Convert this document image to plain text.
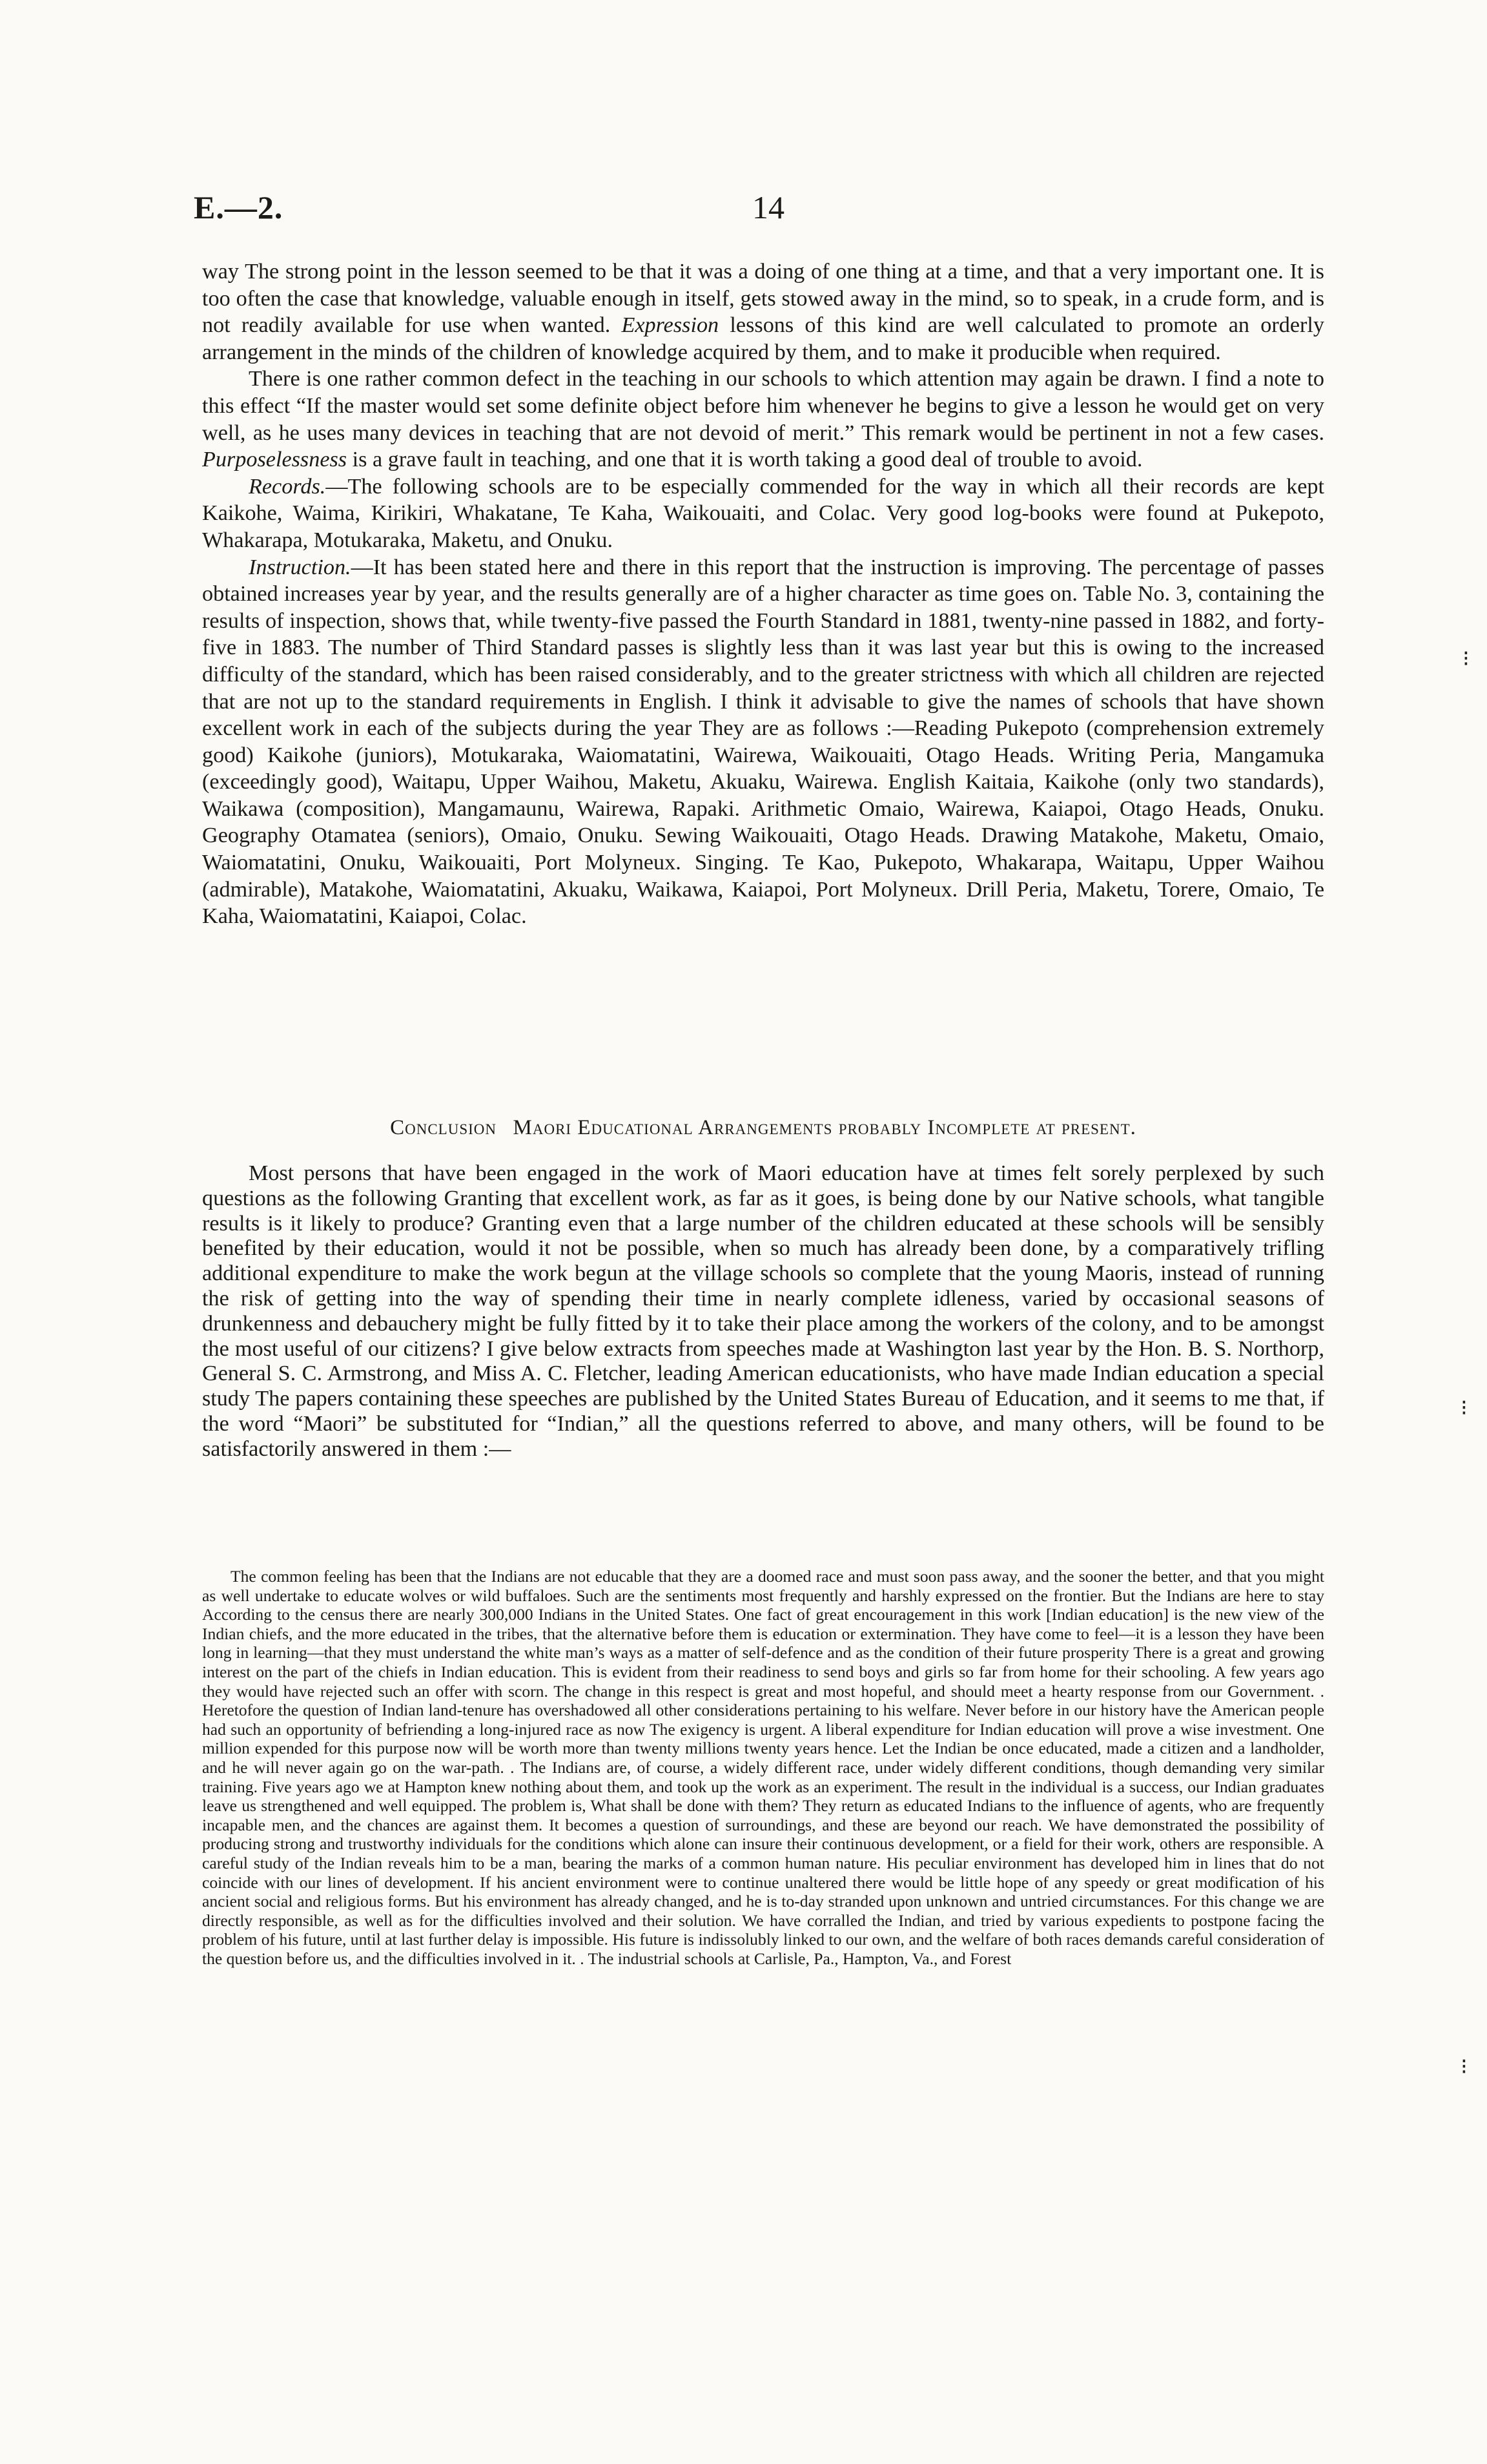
E.—2.	14

way The strong point in the lesson seemed to be that it was a doing of one thing at a time, and that a very important one. It is too often the case that knowledge, valuable enough in itself, gets stowed away in the mind, so to speak, in a crude form, and is not readily available for use when wanted. Expression lessons of this kind are well calculated to promote an orderly arrangement in the minds of the children of knowledge acquired by them, and to make it producible when required.

There is one rather common defect in the teaching in our schools to which attention may again be drawn. I find a note to this effect “If the master would set some definite object before him whenever he begins to give a lesson he would get on very well, as he uses many devices in teaching that are not devoid of merit.” This remark would be pertinent in not a few cases. Purposelessness is a grave fault in teaching, and one that it is worth taking a good deal of trouble to avoid.

Records.—The following schools are to be especially commended for the way in which all their records are kept Kaikohe, Waima, Kirikiri, Whakatane, Te Kaha, Waikouaiti, and Colac. Very good log-books were found at Pukepoto, Whakarapa, Motukaraka, Maketu, and Onuku.

Instruction.—It has been stated here and there in this report that the instruction is improving. The percentage of passes obtained increases year by year, and the results generally are of a higher character as time goes on. Table No. 3, containing the results of inspection, shows that, while twenty-five passed the Fourth Standard in 1881, twenty-nine passed in 1882, and forty-five in 1883. The number of Third Standard passes is slightly less than it was last year but this is owing to the increased difficulty of the standard, which has been raised considerably, and to the greater strictness with which all children are rejected that are not up to the standard requirements in English. I think it advisable to give the names of schools that have shown excellent work in each of the subjects during the year They are as follows :—Reading Pukepoto (comprehension extremely good) Kaikohe (juniors), Motukaraka, Waiomatatini, Wairewa, Waikouaiti, Otago Heads. Writing Peria, Mangamuka (exceedingly good), Waitapu, Upper Waihou, Maketu, Akuaku, Wairewa. English Kaitaia, Kaikohe (only two standards), Waikawa (composition), Mangamaunu, Wairewa, Rapaki. Arithmetic Omaio, Wairewa, Kaiapoi, Otago Heads, Onuku. Geography Otamatea (seniors), Omaio, Onuku. Sewing Waikouaiti, Otago Heads. Drawing Matakohe, Maketu, Omaio, Waiomatatini, Onuku, Waikouaiti, Port Molyneux. Singing. Te Kao, Pukepoto, Whakarapa, Waitapu, Upper Waihou (admirable), Matakohe, Waiomatatini, Akuaku, Waikawa, Kaiapoi, Port Molyneux. Drill Peria, Maketu, Torere, Omaio, Te Kaha, Waiomatatini, Kaiapoi, Colac.

Conclusion Maori Educational Arrangements probably Incomplete at present.

Most persons that have been engaged in the work of Maori education have at times felt sorely perplexed by such questions as the following Granting that excellent work, as far as it goes, is being done by our Native schools, what tangible results is it likely to produce? Granting even that a large number of the children educated at these schools will be sensibly benefited by their education, would it not be possible, when so much has already been done, by a comparatively trifling additional expenditure to make the work begun at the village schools so complete that the young Maoris, instead of running the risk of getting into the way of spending their time in nearly complete idleness, varied by occasional seasons of drunkenness and debauchery might be fully fitted by it to take their place among the workers of the colony, and to be amongst the most useful of our citizens? I give below extracts from speeches made at Washington last year by the Hon. B. S. Northorp, General S. C. Armstrong, and Miss A. C. Fletcher, leading American educationists, who have made Indian education a special study The papers containing these speeches are published by the United States Bureau of Education, and it seems to me that, if the word “Maori” be substituted for “Indian,” all the questions referred to above, and many others, will be found to be satisfactorily answered in them :—

The common feeling has been that the Indians are not educable that they are a doomed race and must soon pass away, and the sooner the better, and that you might as well undertake to educate wolves or wild buffaloes. Such are the sentiments most frequently and harshly expressed on the frontier. But the Indians are here to stay According to the census there are nearly 300,000 Indians in the United States. One fact of great encouragement in this work [Indian education] is the new view of the Indian chiefs, and the more educated in the tribes, that the alternative before them is education or extermination. They have come to feel—it is a lesson they have been long in learning—that they must understand the white man’s ways as a matter of self-defence and as the condition of their future prosperity There is a great and growing interest on the part of the chiefs in Indian education. This is evident from their readiness to send boys and girls so far from home for their schooling. A few years ago they would have rejected such an offer with scorn. The change in this respect is great and most hopeful, and should meet a hearty response from our Government. . Heretofore the question of Indian land-tenure has overshadowed all other considerations pertaining to his welfare. Never before in our history have the American people had such an opportunity of befriending a long-injured race as now The exigency is urgent. A liberal expenditure for Indian education will prove a wise investment. One million expended for this purpose now will be worth more than twenty millions twenty years hence. Let the Indian be once educated, made a citizen and a landholder, and he will never again go on the war-path. . The Indians are, of course, a widely different race, under widely different conditions, though demanding very similar training. Five years ago we at Hampton knew nothing about them, and took up the work as an experiment. The result in the individual is a success, our Indian graduates leave us strengthened and well equipped. The problem is, What shall be done with them? They return as educated Indians to the influence of agents, who are frequently incapable men, and the chances are against them. It becomes a question of surroundings, and these are beyond our reach. We have demonstrated the possibility of producing strong and trustworthy individuals for the conditions which alone can insure their continuous development, or a field for their work, others are responsible. A careful study of the Indian reveals him to be a man, bearing the marks of a common human nature. His peculiar environment has developed him in lines that do not coincide with our lines of development. If his ancient environment were to continue unaltered there would be little hope of any speedy or great modification of his ancient social and religious forms. But his environment has already changed, and he is to-day stranded upon unknown and untried circumstances. For this change we are directly responsible, as well as for the difficulties involved and their solution. We have corralled the Indian, and tried by various expedients to postpone facing the problem of his future, until at last further delay is impossible. His future is indissolubly linked to our own, and the welfare of both races demands careful consideration of the question before us, and the difficulties involved in it. . The industrial schools at Carlisle, Pa., Hampton, Va., and Forest

⁝
⁝
⁝
